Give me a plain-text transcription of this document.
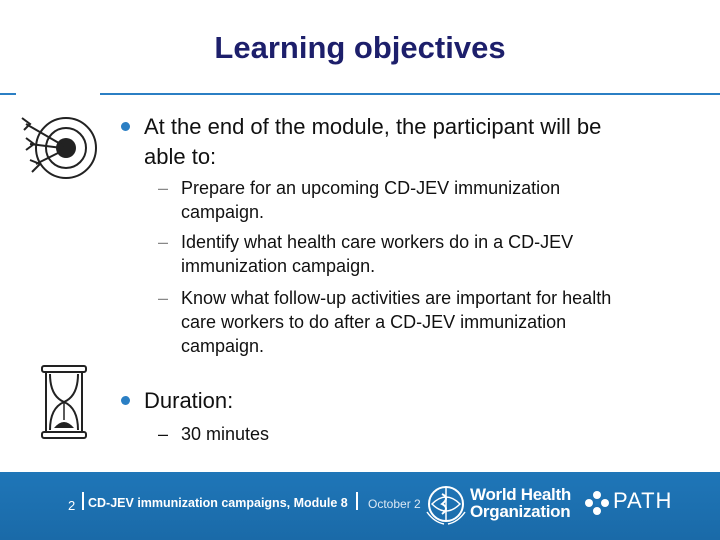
Learning objectives
At the end of the module, the participant will be
able to:
– Prepare for an upcoming CD-JEV immunization
campaign.
– Identify what health care workers do in a CD-JEV
immunization campaign.
– Know what follow-up activities are important for health
care workers to do after a CD-JEV immunization
campaign.
Duration:
– 30 minutes
2 CD-JEV immunization campaigns, Module 8 October 2	World Health
Organization PATH
